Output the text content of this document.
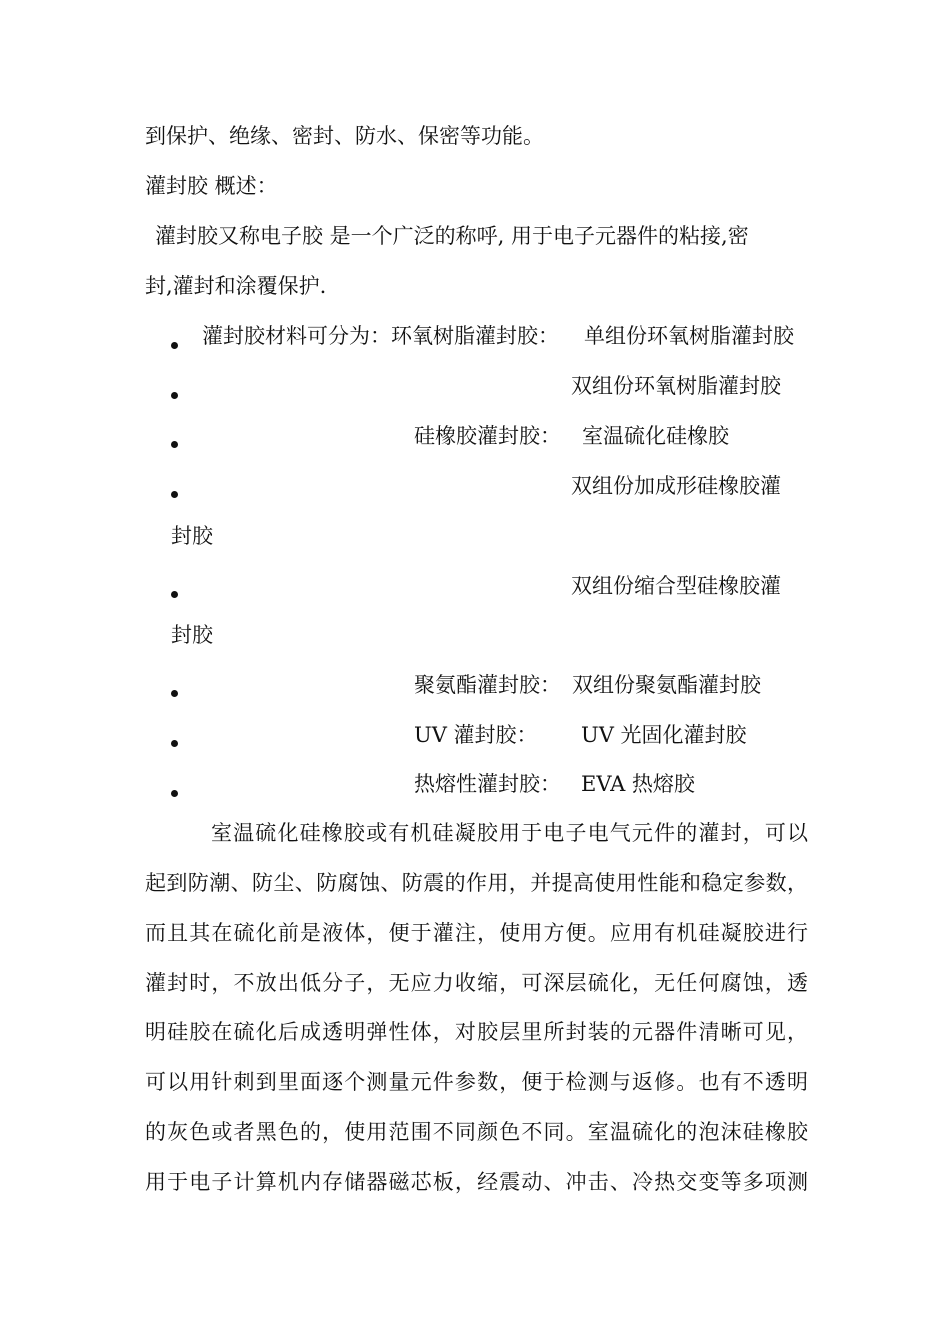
到保护、绝缘、密封、防水、保密等功能。
灌封胶 概述：
灌封胶又称电子胶 是一个广泛的称呼, 用于电子元器件的粘接,密
封,灌封和涂覆保护.
灌封胶材料可分为：环氧树脂灌封胶： 单组份环氧树脂灌封胶
双组份环氧树脂灌封胶
硅橡胶灌封胶： 室温硫化硅橡胶
双组份加成形硅橡胶灌
封胶
双组份缩合型硅橡胶灌
封胶
聚氨酯灌封胶： 双组份聚氨酯灌封胶
UV 灌封胶： UV 光固化灌封胶
热熔性灌封胶： EVA 热熔胶
室温硫化硅橡胶或有机硅凝胶用于电子电气元件的灌封，可以
起到防潮、防尘、防腐蚀、防震的作用，并提高使用性能和稳定参数，
而且其在硫化前是液体，便于灌注，使用方便。应用有机硅凝胶进行
灌封时，不放出低分子，无应力收缩，可深层硫化，无任何腐蚀，透
明硅胶在硫化后成透明弹性体，对胶层里所封装的元器件清晰可见，
可以用针刺到里面逐个测量元件参数，便于检测与返修。也有不透明
的灰色或者黑色的，使用范围不同颜色不同。室温硫化的泡沫硅橡胶
用于电子计算机内存储器磁芯板，经震动、冲击、冷热交变等多项测
